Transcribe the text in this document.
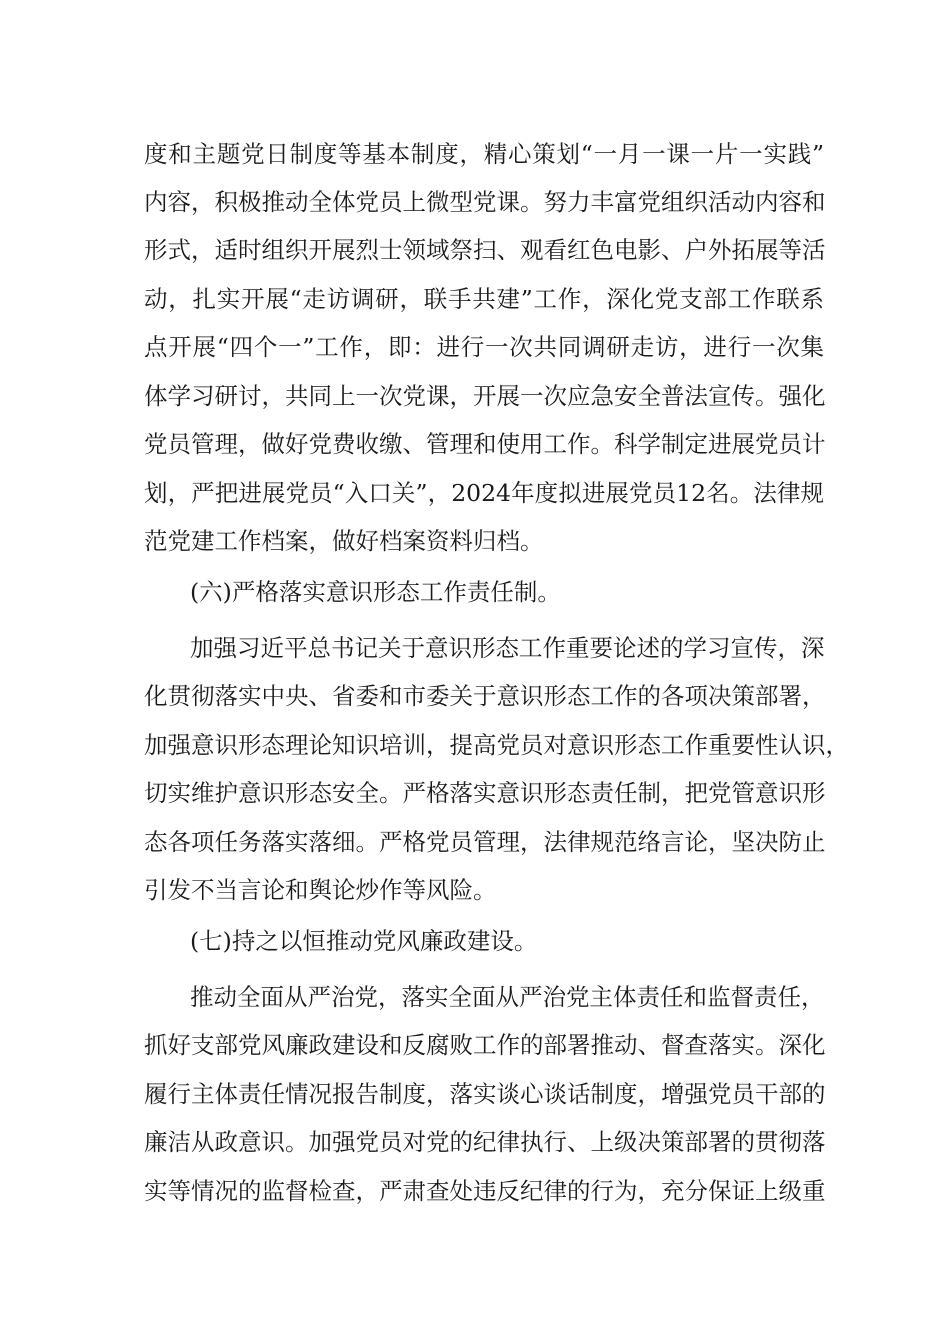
度和主题党日制度等基本制度，精心策划“一月一课一片一实践”
内容，积极推动全体党员上微型党课。努力丰富党组织活动内容和
形式，适时组织开展烈士领域祭扫、观看红色电影、户外拓展等活
动，扎实开展“走访调研，联手共建”工作，深化党支部工作联系
点开展“四个一”工作，即：进行一次共同调研走访，进行一次集
体学习研讨，共同上一次党课，开展一次应急安全普法宣传。强化
党员管理，做好党费收缴、管理和使用工作。科学制定进展党员计
划，严把进展党员“入口关”，2024年度拟进展党员12名。法律规
范党建工作档案，做好档案资料归档。
(六)严格落实意识形态工作责任制。
加强习近平总书记关于意识形态工作重要论述的学习宣传，深
化贯彻落实中央、省委和市委关于意识形态工作的各项决策部署，
加强意识形态理论知识培训，提高党员对意识形态工作重要性认识，
切实维护意识形态安全。严格落实意识形态责任制，把党管意识形
态各项任务落实落细。严格党员管理，法律规范络言论，坚决防止
引发不当言论和舆论炒作等风险。
(七)持之以恒推动党风廉政建设。
推动全面从严治党，落实全面从严治党主体责任和监督责任，
抓好支部党风廉政建设和反腐败工作的部署推动、督查落实。深化
履行主体责任情况报告制度，落实谈心谈话制度，增强党员干部的
廉洁从政意识。加强党员对党的纪律执行、上级决策部署的贯彻落
实等情况的监督检查，严肃查处违反纪律的行为，充分保证上级重
